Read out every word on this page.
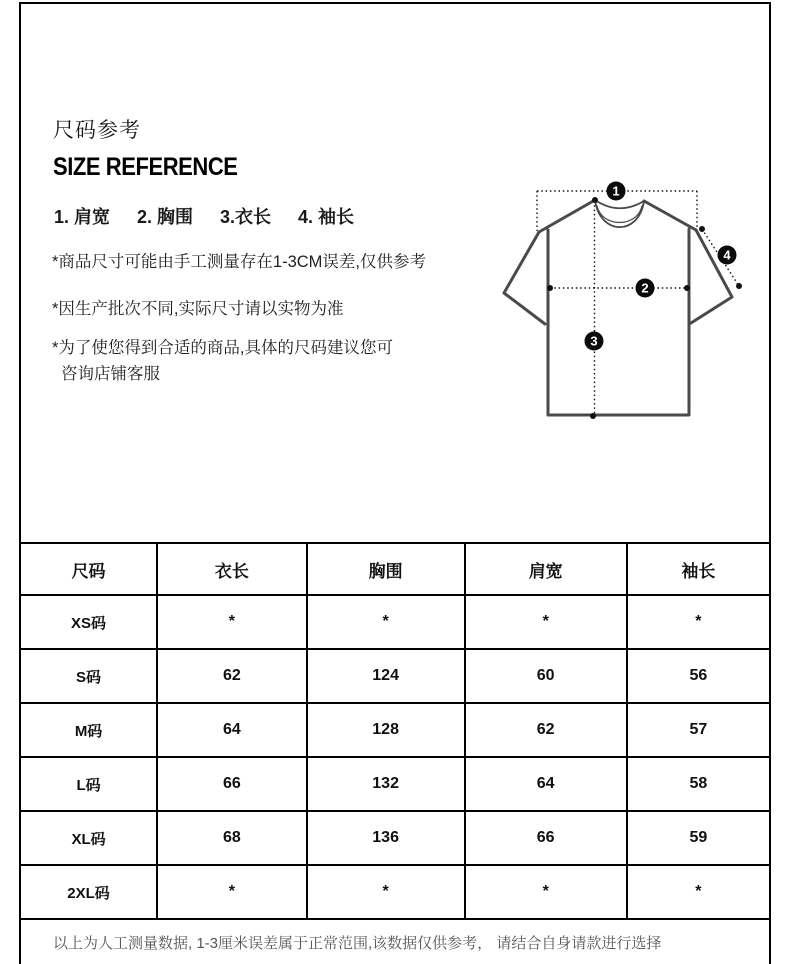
尺码参考
SIZE REFERENCE
1. 肩宽 2. 胸围 3.衣长 4. 袖长
*商品尺寸可能由手工测量存在1-3CM误差,仅供参考
*因生产批次不同,实际尺寸请以实物为准
*为了使您得到合适的商品,具体的尺码建议您可
咨询店铺客服
1
2
3
4
尺码	衣长	胸围	肩宽	袖长
XS码	*	*	*	*
S码	62	124	60	56
M码	64	128	62	57
L码	66	132	64	58
XL码	68	136	66	59
2XL码	*	*	*	*
以上为人工测量数据, 1-3厘米误差属于正常范围,该数据仅供参考， 请结合自身请款进行选择
